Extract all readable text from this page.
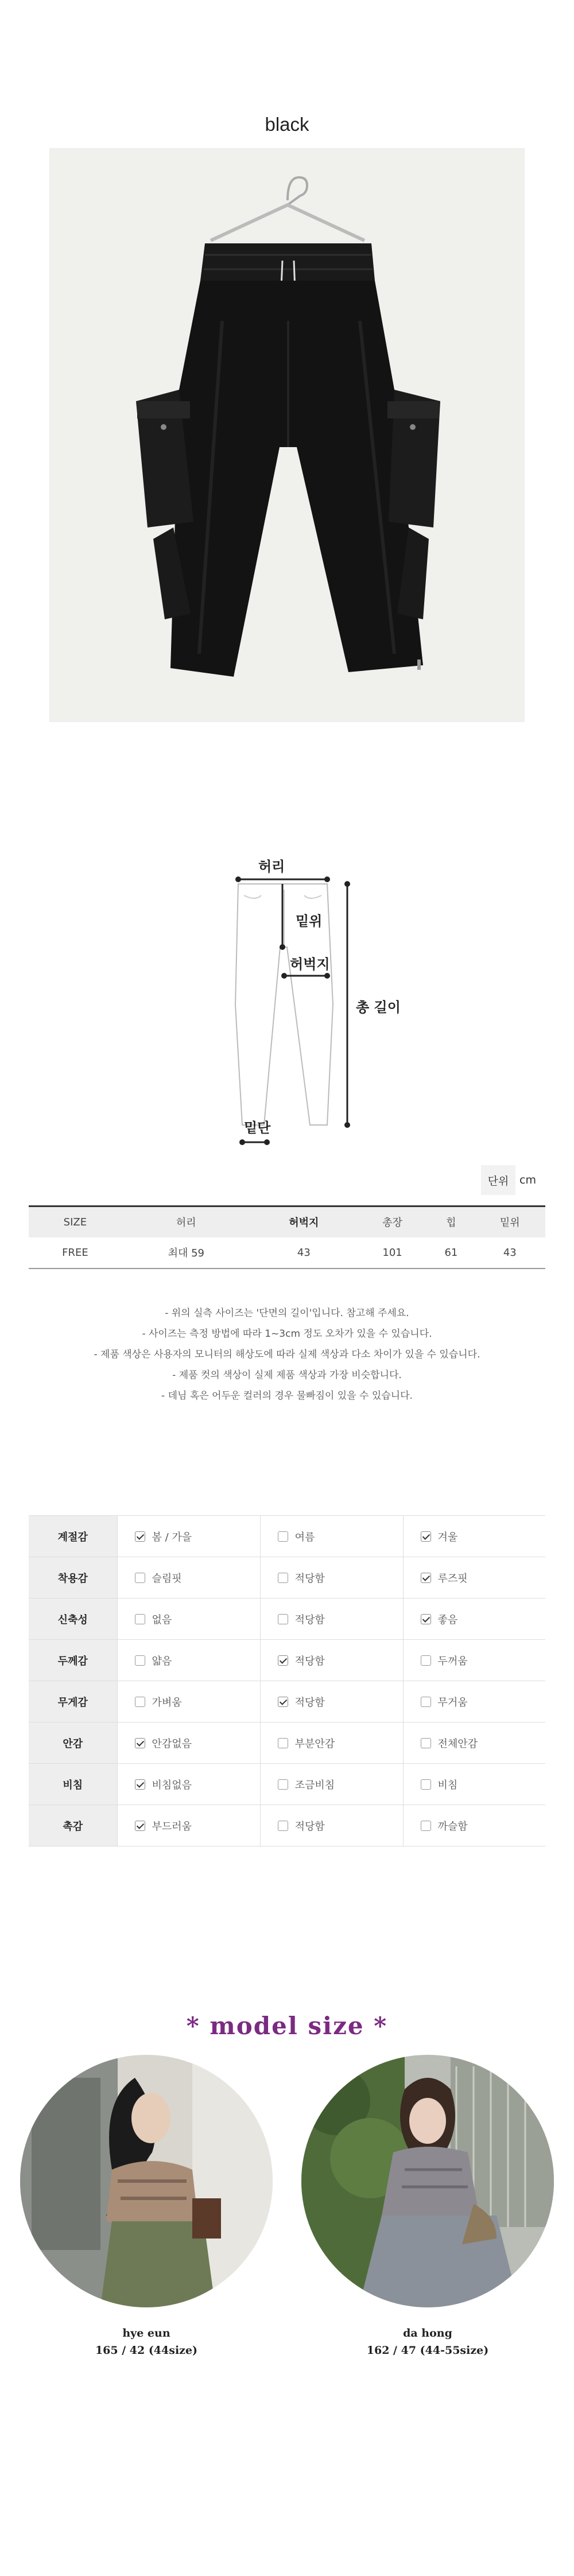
black
허리
밑위
허벅지
총 길이
밑단
단위 cm
SIZE	허리	허벅지	총장	힙	밑위
FREE	최대 59	43	101	61	43
- 위의 실측 사이즈는 '단면의 길이'입니다. 참고해 주세요.
- 사이즈는 측정 방법에 따라 1~3cm 정도 오차가 있을 수 있습니다.
- 제품 색상은 사용자의 모니터의 해상도에 따라 실제 색상과 다소 차이가 있을 수 있습니다.
- 제품 컷의 색상이 실제 제품 색상과 가장 비슷합니다.
- 데님 혹은 어두운 컬러의 경우 물빠짐이 있을 수 있습니다.
계절감	봄 / 가을	여름	겨울
착용감	슬림핏	적당함	루즈핏
신축성	없음	적당함	좋음
두께감	얇음	적당함	두꺼움
무게감	가벼움	적당함	무거움
안감	안감없음	부분안감	전체안감
비침	비침없음	조금비침	비침
촉감	부드러움	적당함	까슬함
* model size *
hye eun
165 / 42 (44size)
da hong
162 / 47 (44-55size)
